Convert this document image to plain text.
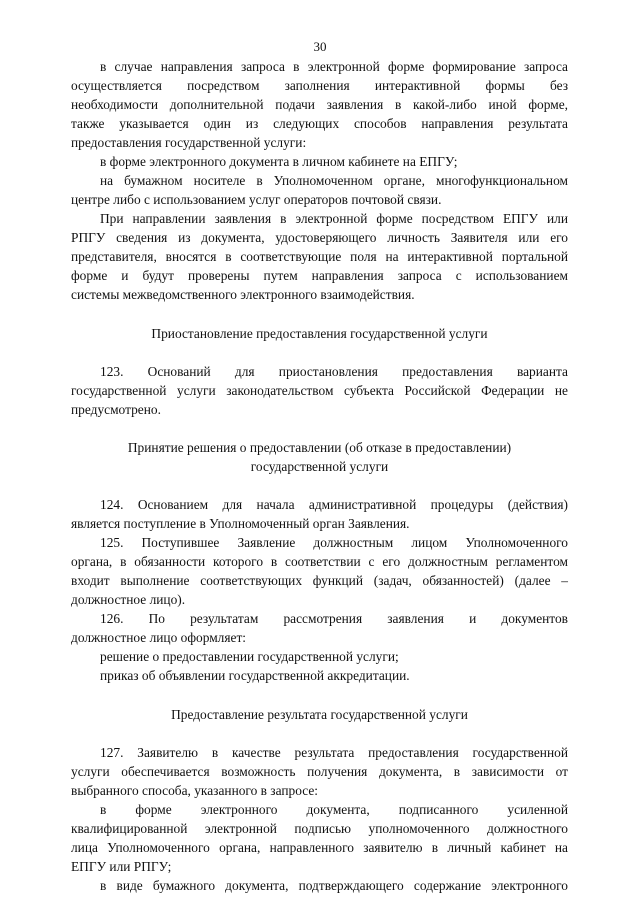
30
в случае направления запроса в электронной форме формирование запроса
осуществляется посредством заполнения интерактивной формы без
необходимости дополнительной подачи заявления в какой-либо иной форме,
также указывается один из следующих способов направления результата
предоставления государственной услуги:
в форме электронного документа в личном кабинете на ЕПГУ;
на бумажном носителе в Уполномоченном органе, многофункциональном
центре либо с использованием услуг операторов почтовой связи.
При направлении заявления в электронной форме посредством ЕПГУ или
РПГУ сведения из документа, удостоверяющего личность Заявителя или его
представителя, вносятся в соответствующие поля на интерактивной портальной
форме и будут проверены путем направления запроса с использованием
системы межведомственного электронного взаимодействия.
Приостановление предоставления государственной услуги
123. Оснований для приостановления предоставления варианта
государственной услуги законодательством субъекта Российской Федерации не
предусмотрено.
Принятие решения о предоставлении (об отказе в предоставлении)
государственной услуги
124. Основанием для начала административной процедуры (действия)
является поступление в Уполномоченный орган Заявления.
125. Поступившее Заявление должностным лицом Уполномоченного
органа, в обязанности которого в соответствии с его должностным регламентом
входит выполнение соответствующих функций (задач, обязанностей) (далее –
должностное лицо).
126. По результатам рассмотрения заявления и документов
должностное лицо оформляет:
решение о предоставлении государственной услуги;
приказ об объявлении государственной аккредитации.
Предоставление результата государственной услуги
127. Заявителю в качестве результата предоставления государственной
услуги обеспечивается возможность получения документа, в зависимости от
выбранного способа, указанного в запросе:
в форме электронного документа, подписанного усиленной
квалифицированной электронной подписью уполномоченного должностного
лица Уполномоченного органа, направленного заявителю в личный кабинет на
ЕПГУ или РПГУ;
в виде бумажного документа, подтверждающего содержание электронного
